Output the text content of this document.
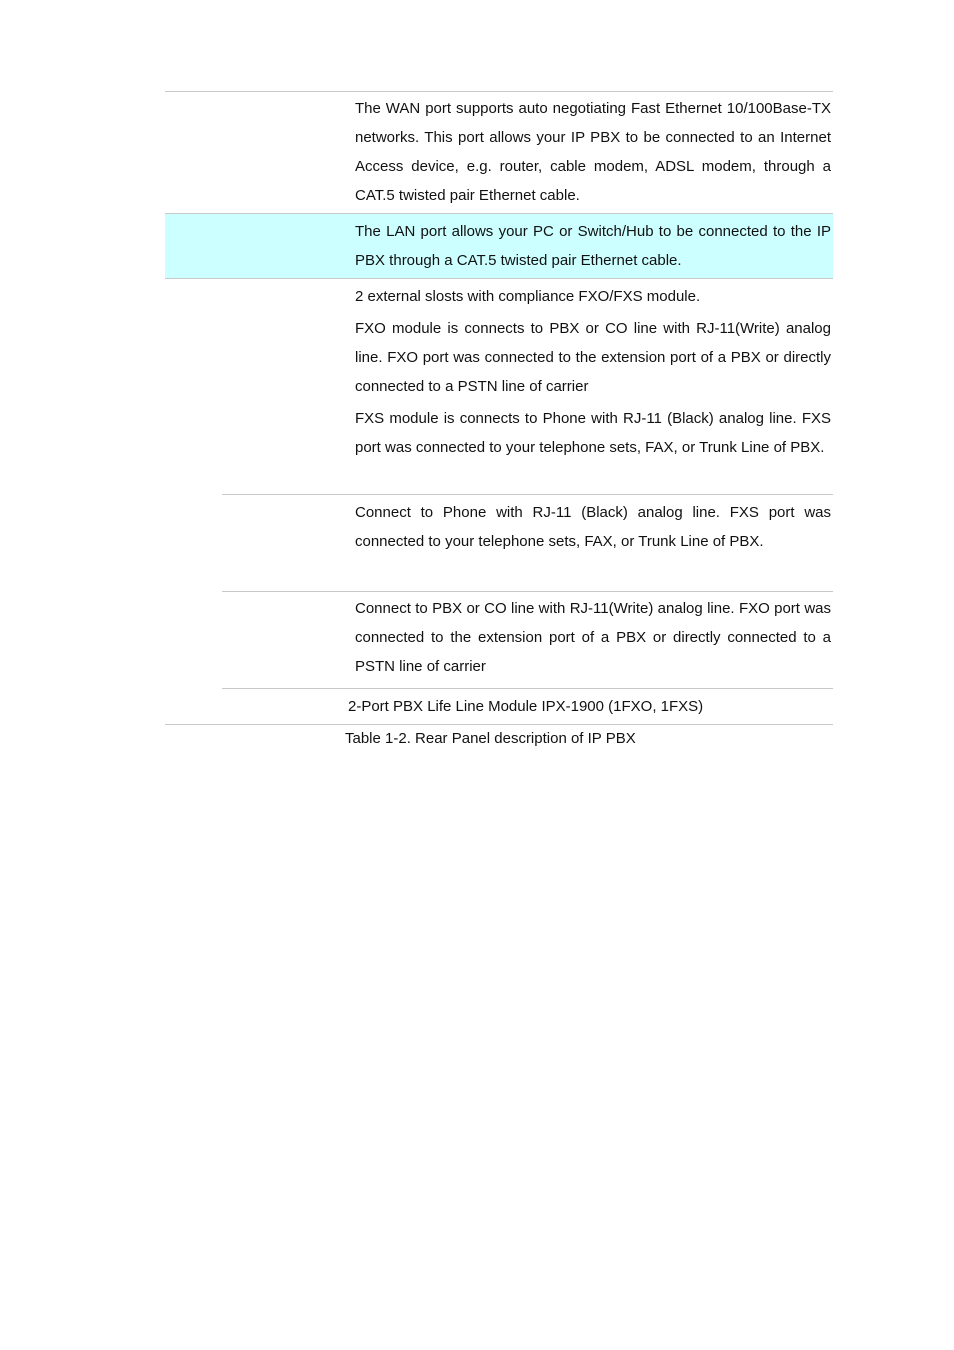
The WAN port supports auto negotiating Fast Ethernet 10/100Base-TX networks. This port allows your IP PBX to be connected to an Internet Access device, e.g. router, cable modem, ADSL modem, through a CAT.5 twisted pair Ethernet cable.

The LAN port allows your PC or Switch/Hub to be connected to the IP PBX through a CAT.5 twisted pair Ethernet cable.

2 external slosts with compliance FXO/FXS module.

FXO module is connects to PBX or CO line with RJ-11(Write) analog line. FXO port was connected to the extension port of a PBX or directly connected to a PSTN line of carrier

FXS module is connects to Phone with RJ-11 (Black) analog line. FXS port was connected to your telephone sets, FAX, or Trunk Line of PBX.

Connect to Phone with RJ-11 (Black) analog line. FXS port was connected to your telephone sets, FAX, or Trunk Line of PBX.

Connect to PBX or CO line with RJ-11(Write) analog line. FXO port was connected to the extension port of a PBX or directly connected to a PSTN line of carrier

2-Port PBX Life Line Module IPX-1900 (1FXO, 1FXS)
Table 1-2. Rear Panel description of IP PBX
